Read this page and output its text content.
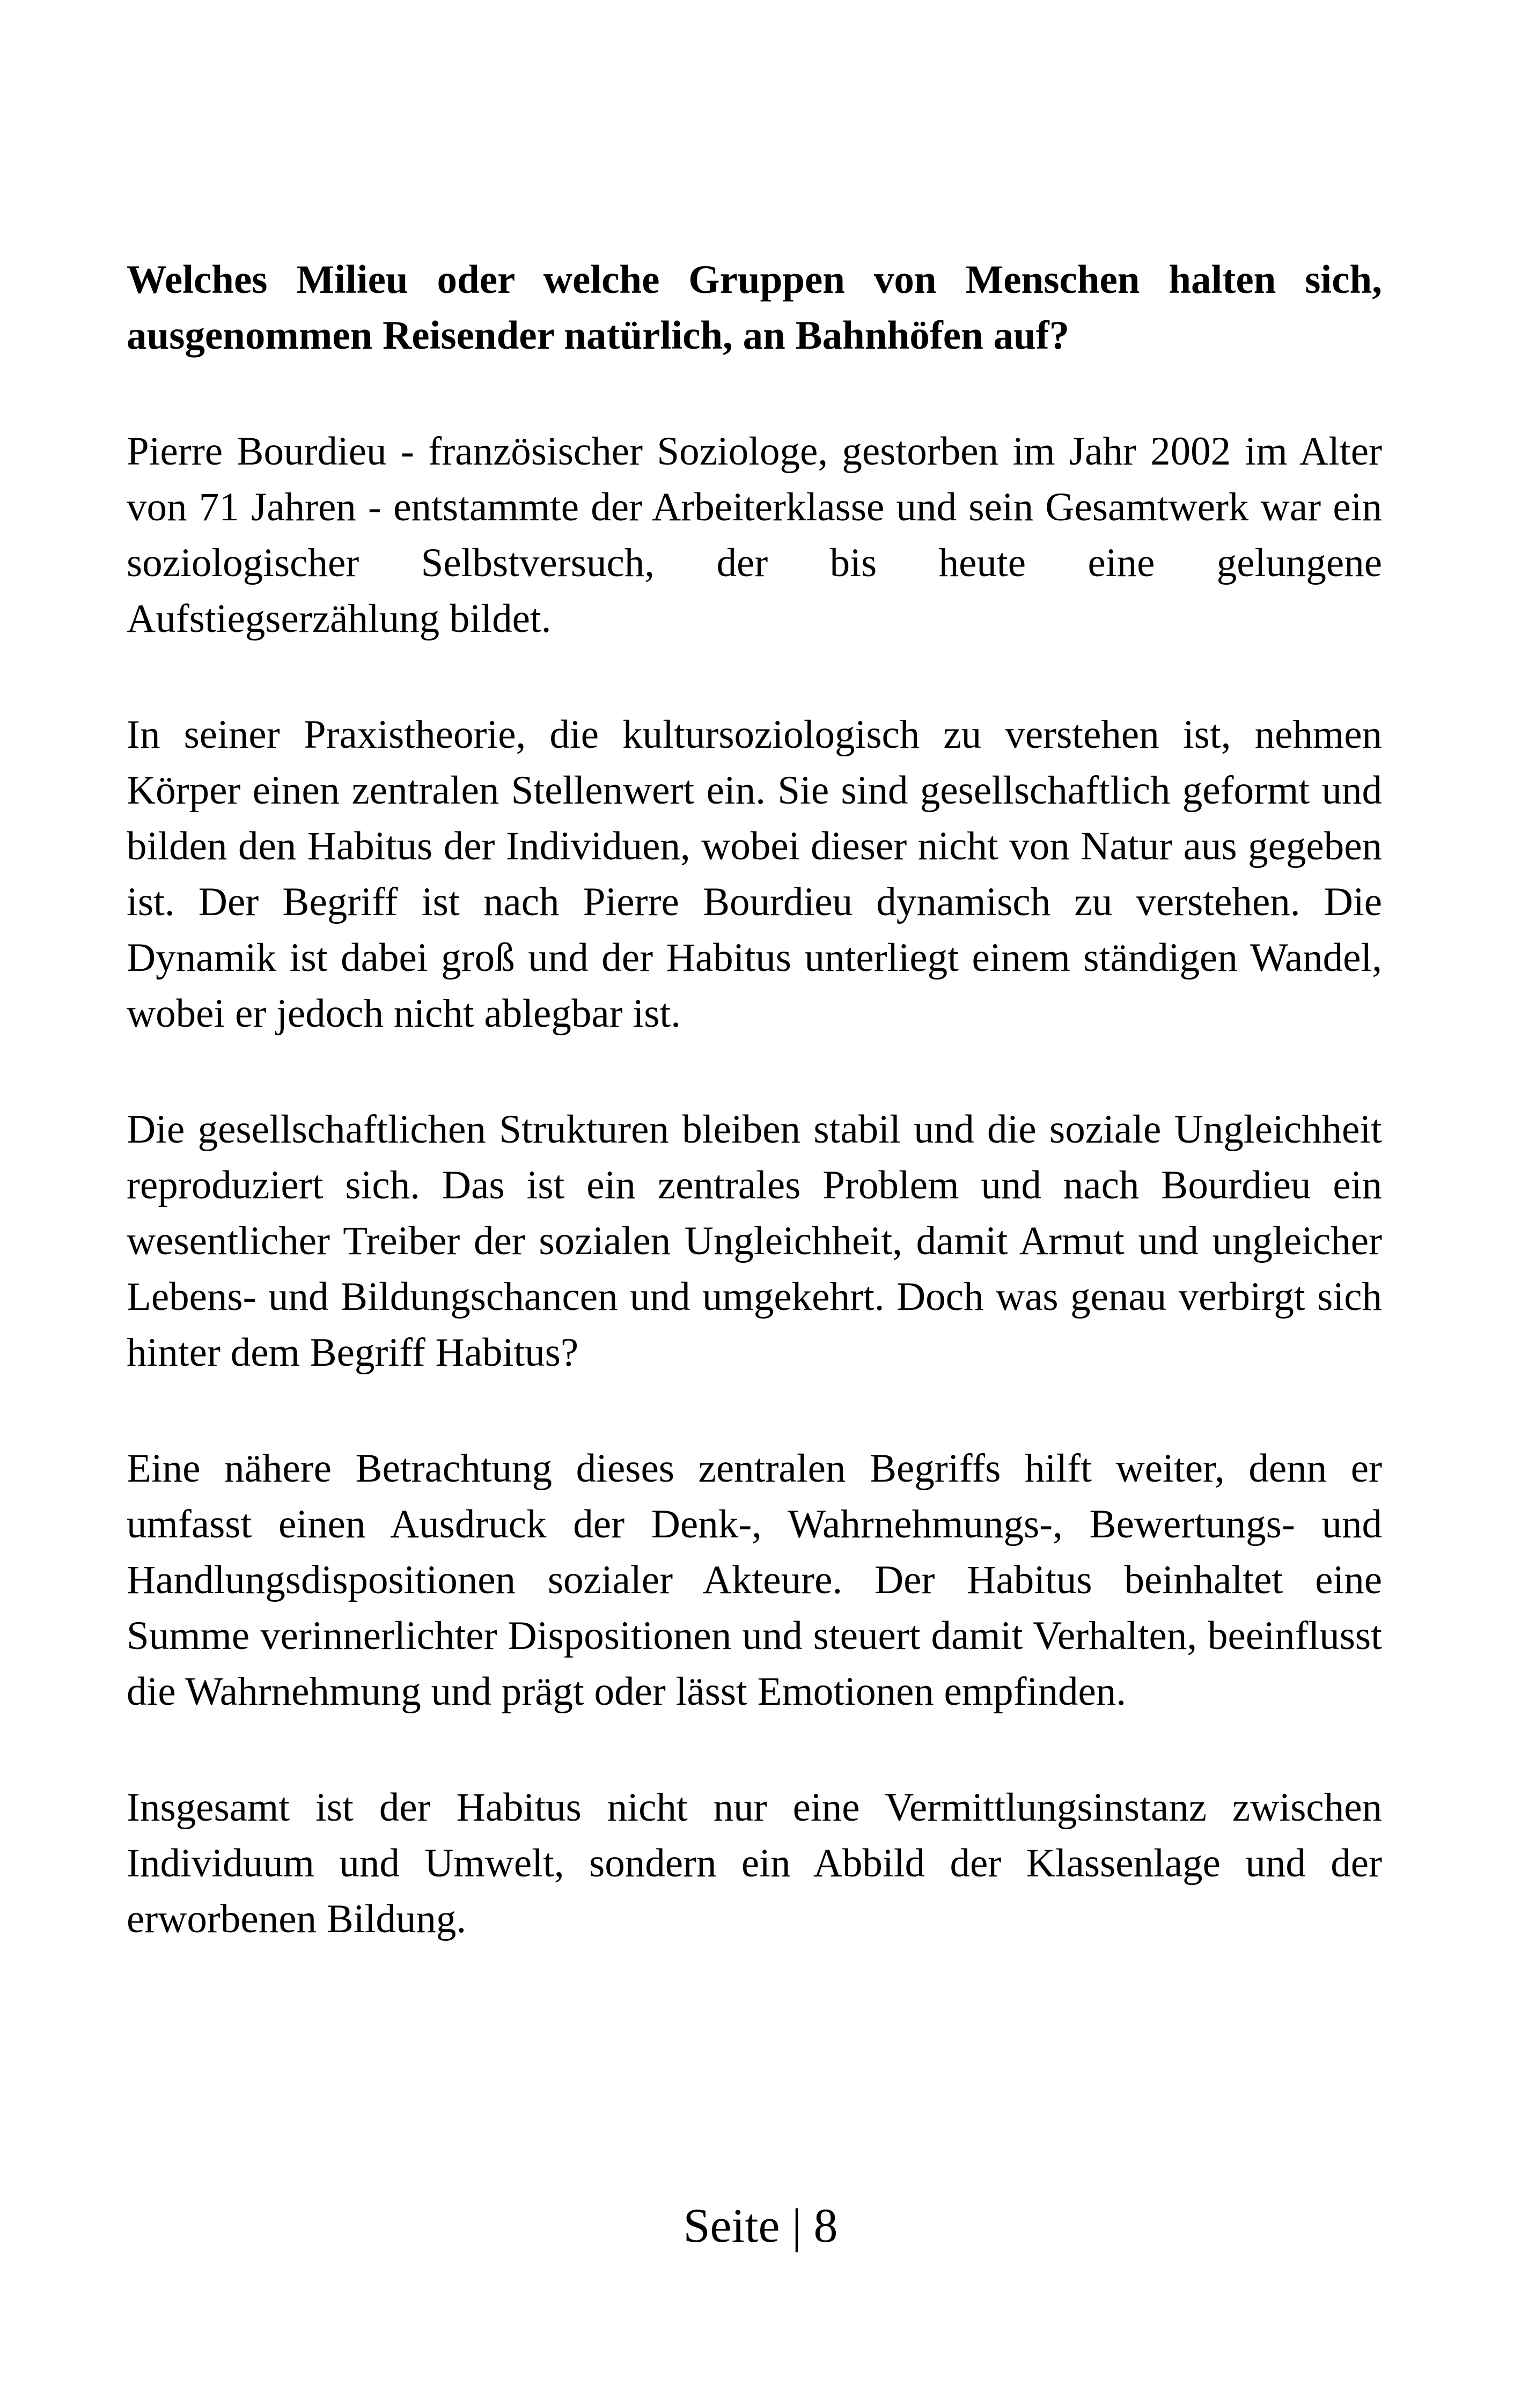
Welches Milieu oder welche Gruppen von Menschen halten sich, ausgenommen Reisender natürlich, an Bahnhöfen auf?

Pierre Bourdieu - französischer Soziologe, gestorben im Jahr 2002 im Alter von 71 Jahren - entstammte der Arbeiterklasse und sein Gesamtwerk war ein soziologischer Selbstversuch, der bis heute eine gelungene Aufstiegserzählung bildet.

In seiner Praxistheorie, die kultursoziologisch zu verstehen ist, nehmen Körper einen zentralen Stellenwert ein. Sie sind gesellschaftlich geformt und bilden den Habitus der Individuen, wobei dieser nicht von Natur aus gegeben ist. Der Begriff ist nach Pierre Bourdieu dynamisch zu verstehen. Die Dynamik ist dabei groß und der Habitus unterliegt einem ständigen Wandel, wobei er jedoch nicht ablegbar ist.

Die gesellschaftlichen Strukturen bleiben stabil und die soziale Ungleichheit reproduziert sich. Das ist ein zentrales Problem und nach Bourdieu ein wesentlicher Treiber der sozialen Ungleichheit, damit Armut und ungleicher Lebens- und Bildungschancen und umgekehrt. Doch was genau verbirgt sich hinter dem Begriff Habitus?

Eine nähere Betrachtung dieses zentralen Begriffs hilft weiter, denn er umfasst einen Ausdruck der Denk-, Wahrnehmungs-, Bewertungs- und Handlungsdispositionen sozialer Akteure. Der Habitus beinhaltet eine Summe verinnerlichter Dispositionen und steuert damit Verhalten, beeinflusst die Wahrnehmung und prägt oder lässt Emotionen empfinden.

Insgesamt ist der Habitus nicht nur eine Vermittlungsinstanz zwischen Individuum und Umwelt, sondern ein Abbild der Klassenlage und der erworbenen Bildung.

Seite | 8
